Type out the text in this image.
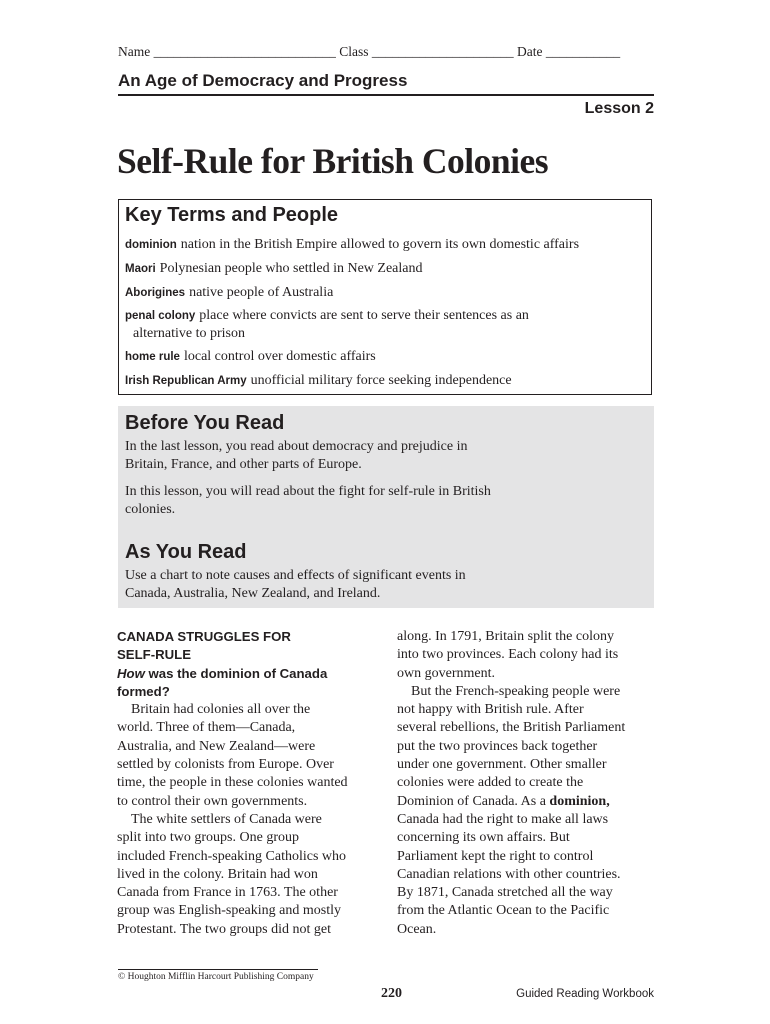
Name ___________________________ Class _____________________ Date ___________
An Age of Democracy and Progress
Lesson 2
Self-Rule for British Colonies
Key Terms and People
dominion nation in the British Empire allowed to govern its own domestic affairs
Maori Polynesian people who settled in New Zealand
Aborigines native people of Australia
penal colony place where convicts are sent to serve their sentences as an
alternative to prison
home rule local control over domestic affairs
Irish Republican Army unofficial military force seeking independence
Before You Read
In the last lesson, you read about democracy and prejudice in
Britain, France, and other parts of Europe.
In this lesson, you will read about the fight for self-rule in British
colonies.
As You Read
Use a chart to note causes and effects of significant events in
Canada, Australia, New Zealand, and Ireland.

CANADA STRUGGLES FOR

SELF-RULE

How was the dominion of Canada

formed?

Britain had colonies all over the

world. Three of them—Canada,

Australia, and New Zealand—were

settled by colonists from Europe. Over

time, the people in these colonies wanted

to control their own governments.

The white settlers of Canada were

split into two groups. One group

included French-speaking Catholics who

lived in the colony. Britain had won

Canada from France in 1763. The other

group was English-speaking and mostly

Protestant. The two groups did not get

along. In 1791, Britain split the colony

into two provinces. Each colony had its

own government.

But the French-speaking people were

not happy with British rule. After

several rebellions, the British Parliament

put the two provinces back together

under one government. Other smaller

colonies were added to create the

Dominion of Canada. As a dominion,

Canada had the right to make all laws

concerning its own affairs. But

Parliament kept the right to control

Canadian relations with other countries.

By 1871, Canada stretched all the way

from the Atlantic Ocean to the Pacific

Ocean.

© Houghton Mifflin Harcourt Publishing Company
220	Guided Reading Workbook
